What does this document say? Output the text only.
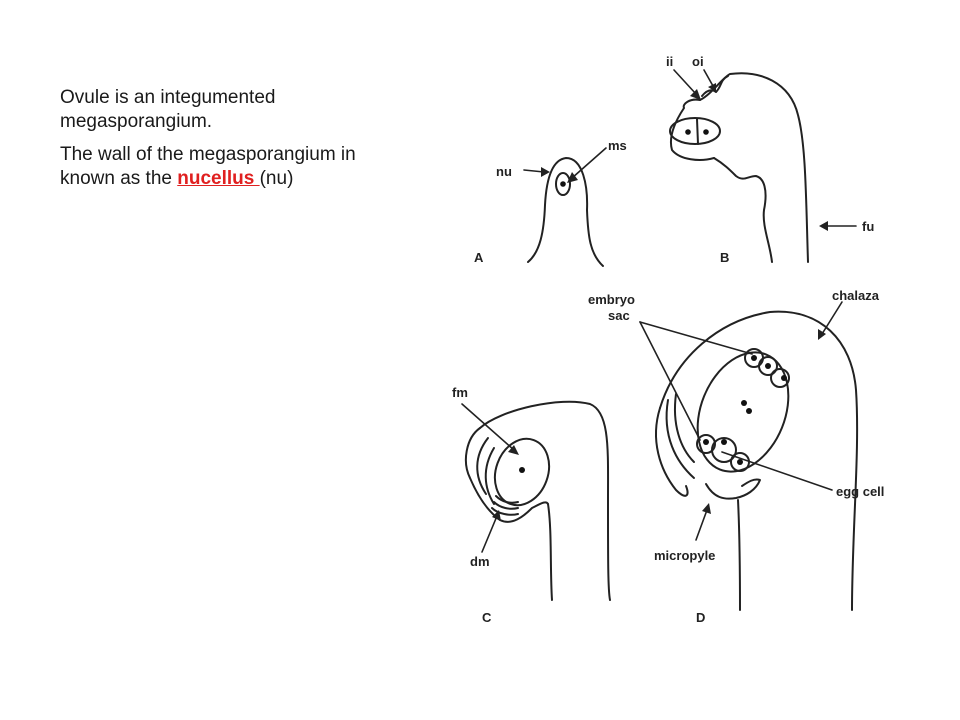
Ovule is an integumented megasporangium.

The wall of the megasporangium in known as the nucellus (nu)	nu
ms
A
ii oi
fu
B
fm
dm
C
embryo
sac
chalaza
egg cell
micropyle
D
